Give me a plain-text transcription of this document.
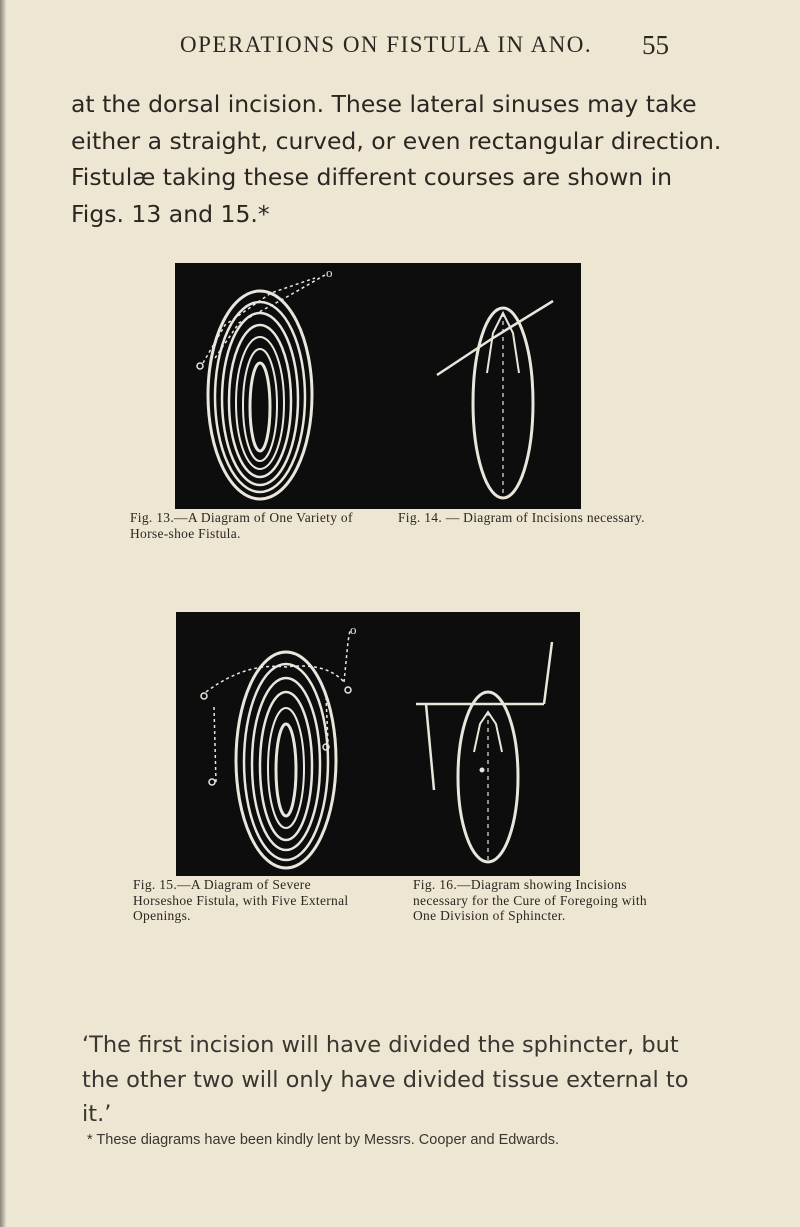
OPERATIONS ON FISTULA IN ANO. 55

at the dorsal incision. These lateral sinuses may take either a straight, curved, or even rectangular direction. Fistulæ taking these different courses are shown in Figs. 13 and 15.*

o
Fig. 13.—A Diagram of One Variety of Horse-shoe Fistula.
Fig. 14. — Diagram of Incisions necessary.
o
Fig. 15.—A Diagram of Severe Horseshoe Fistula, with Five External Openings.
Fig. 16.—Diagram showing Incisions necessary for the Cure of Foregoing with One Division of Sphincter.

‘The first incision will have divided the sphincter, but the other two will only have divided tissue external to it.’

* These diagrams have been kindly lent by Messrs. Cooper and Edwards.
